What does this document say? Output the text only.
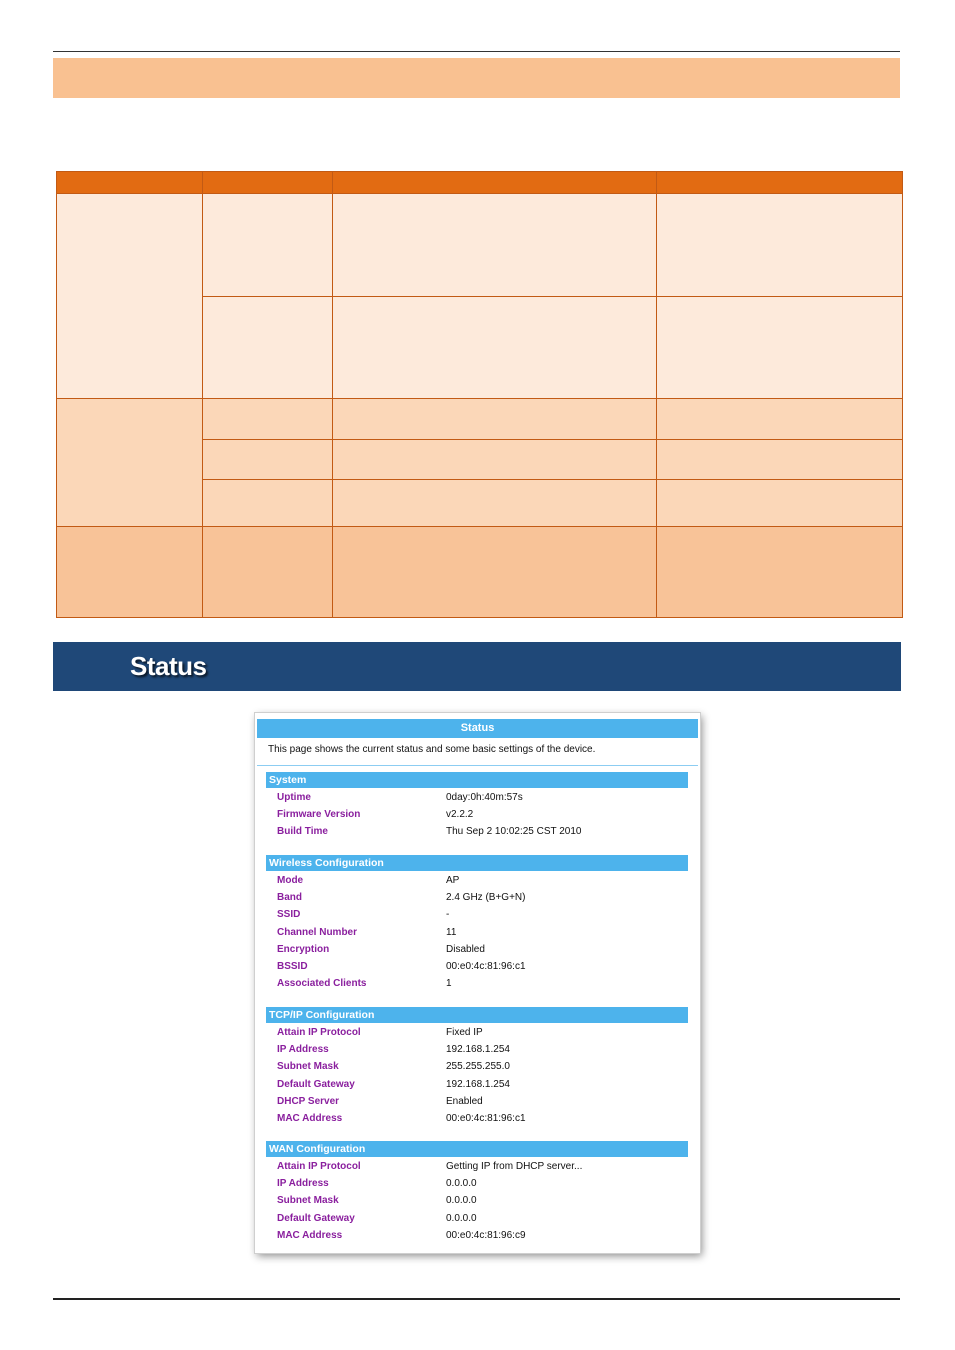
Status
Status
This page shows the current status and some basic settings of the device.
System
Uptime	0day:0h:40m:57s
Firmware Version	v2.2.2
Build Time	Thu Sep 2 10:02:25 CST 2010
Wireless Configuration
Mode	AP
Band	2.4 GHz (B+G+N)
SSID	-
Channel Number	11
Encryption	Disabled
BSSID	00:e0:4c:81:96:c1
Associated Clients	1
TCP/IP Configuration
Attain IP Protocol	Fixed IP
IP Address	192.168.1.254
Subnet Mask	255.255.255.0
Default Gateway	192.168.1.254
DHCP Server	Enabled
MAC Address	00:e0:4c:81:96:c1
WAN Configuration
Attain IP Protocol	Getting IP from DHCP server...
IP Address	0.0.0.0
Subnet Mask	0.0.0.0
Default Gateway	0.0.0.0
MAC Address	00:e0:4c:81:96:c9
